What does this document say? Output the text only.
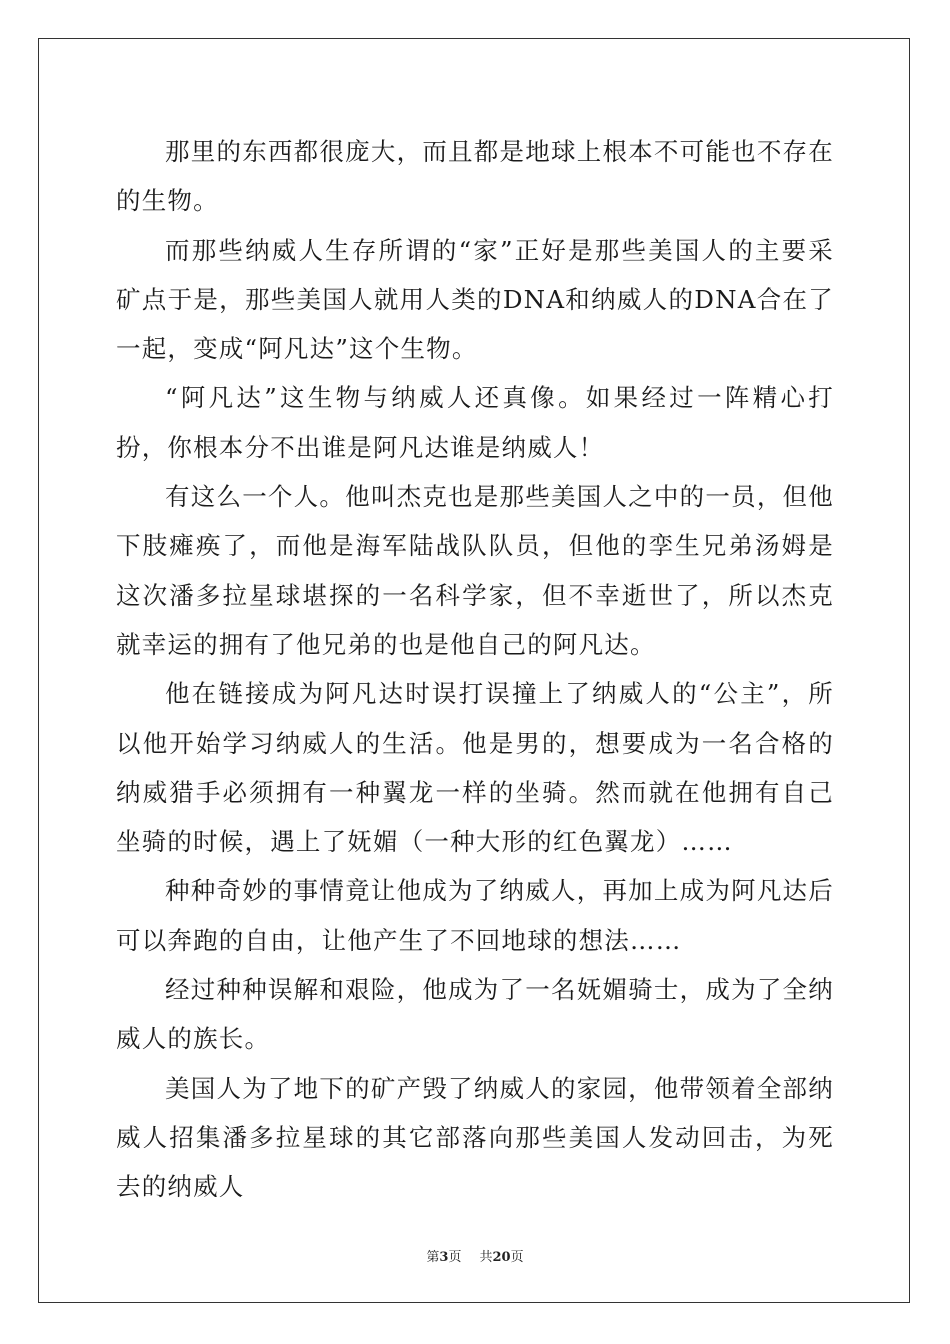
那里的东西都很庞大，而且都是地球上根本不可能也不存在的生物。

而那些纳威人生存所谓的“家”正好是那些美国人的主要采矿点于是，那些美国人就用人类的DNA和纳威人的DNA合在了一起，变成“阿凡达”这个生物。

“阿凡达”这生物与纳威人还真像。如果经过一阵精心打扮，你根本分不出谁是阿凡达谁是纳威人！

有这么一个人。他叫杰克也是那些美国人之中的一员，但他下肢瘫痪了，而他是海军陆战队队员，但他的孪生兄弟汤姆是这次潘多拉星球堪探的一名科学家，但不幸逝世了，所以杰克就幸运的拥有了他兄弟的也是他自己的阿凡达。

他在链接成为阿凡达时误打误撞上了纳威人的“公主”，所以他开始学习纳威人的生活。他是男的，想要成为一名合格的纳威猎手必须拥有一种翼龙一样的坐骑。然而就在他拥有自己坐骑的时候，遇上了妩媚（一种大形的红色翼龙）……

种种奇妙的事情竟让他成为了纳威人，再加上成为阿凡达后可以奔跑的自由，让他产生了不回地球的想法……

经过种种误解和艰险，他成为了一名妩媚骑士，成为了全纳威人的族长。

美国人为了地下的矿产毁了纳威人的家园，他带领着全部纳威人招集潘多拉星球的其它部落向那些美国人发动回击，为死去的纳威人

第3页 共20页
